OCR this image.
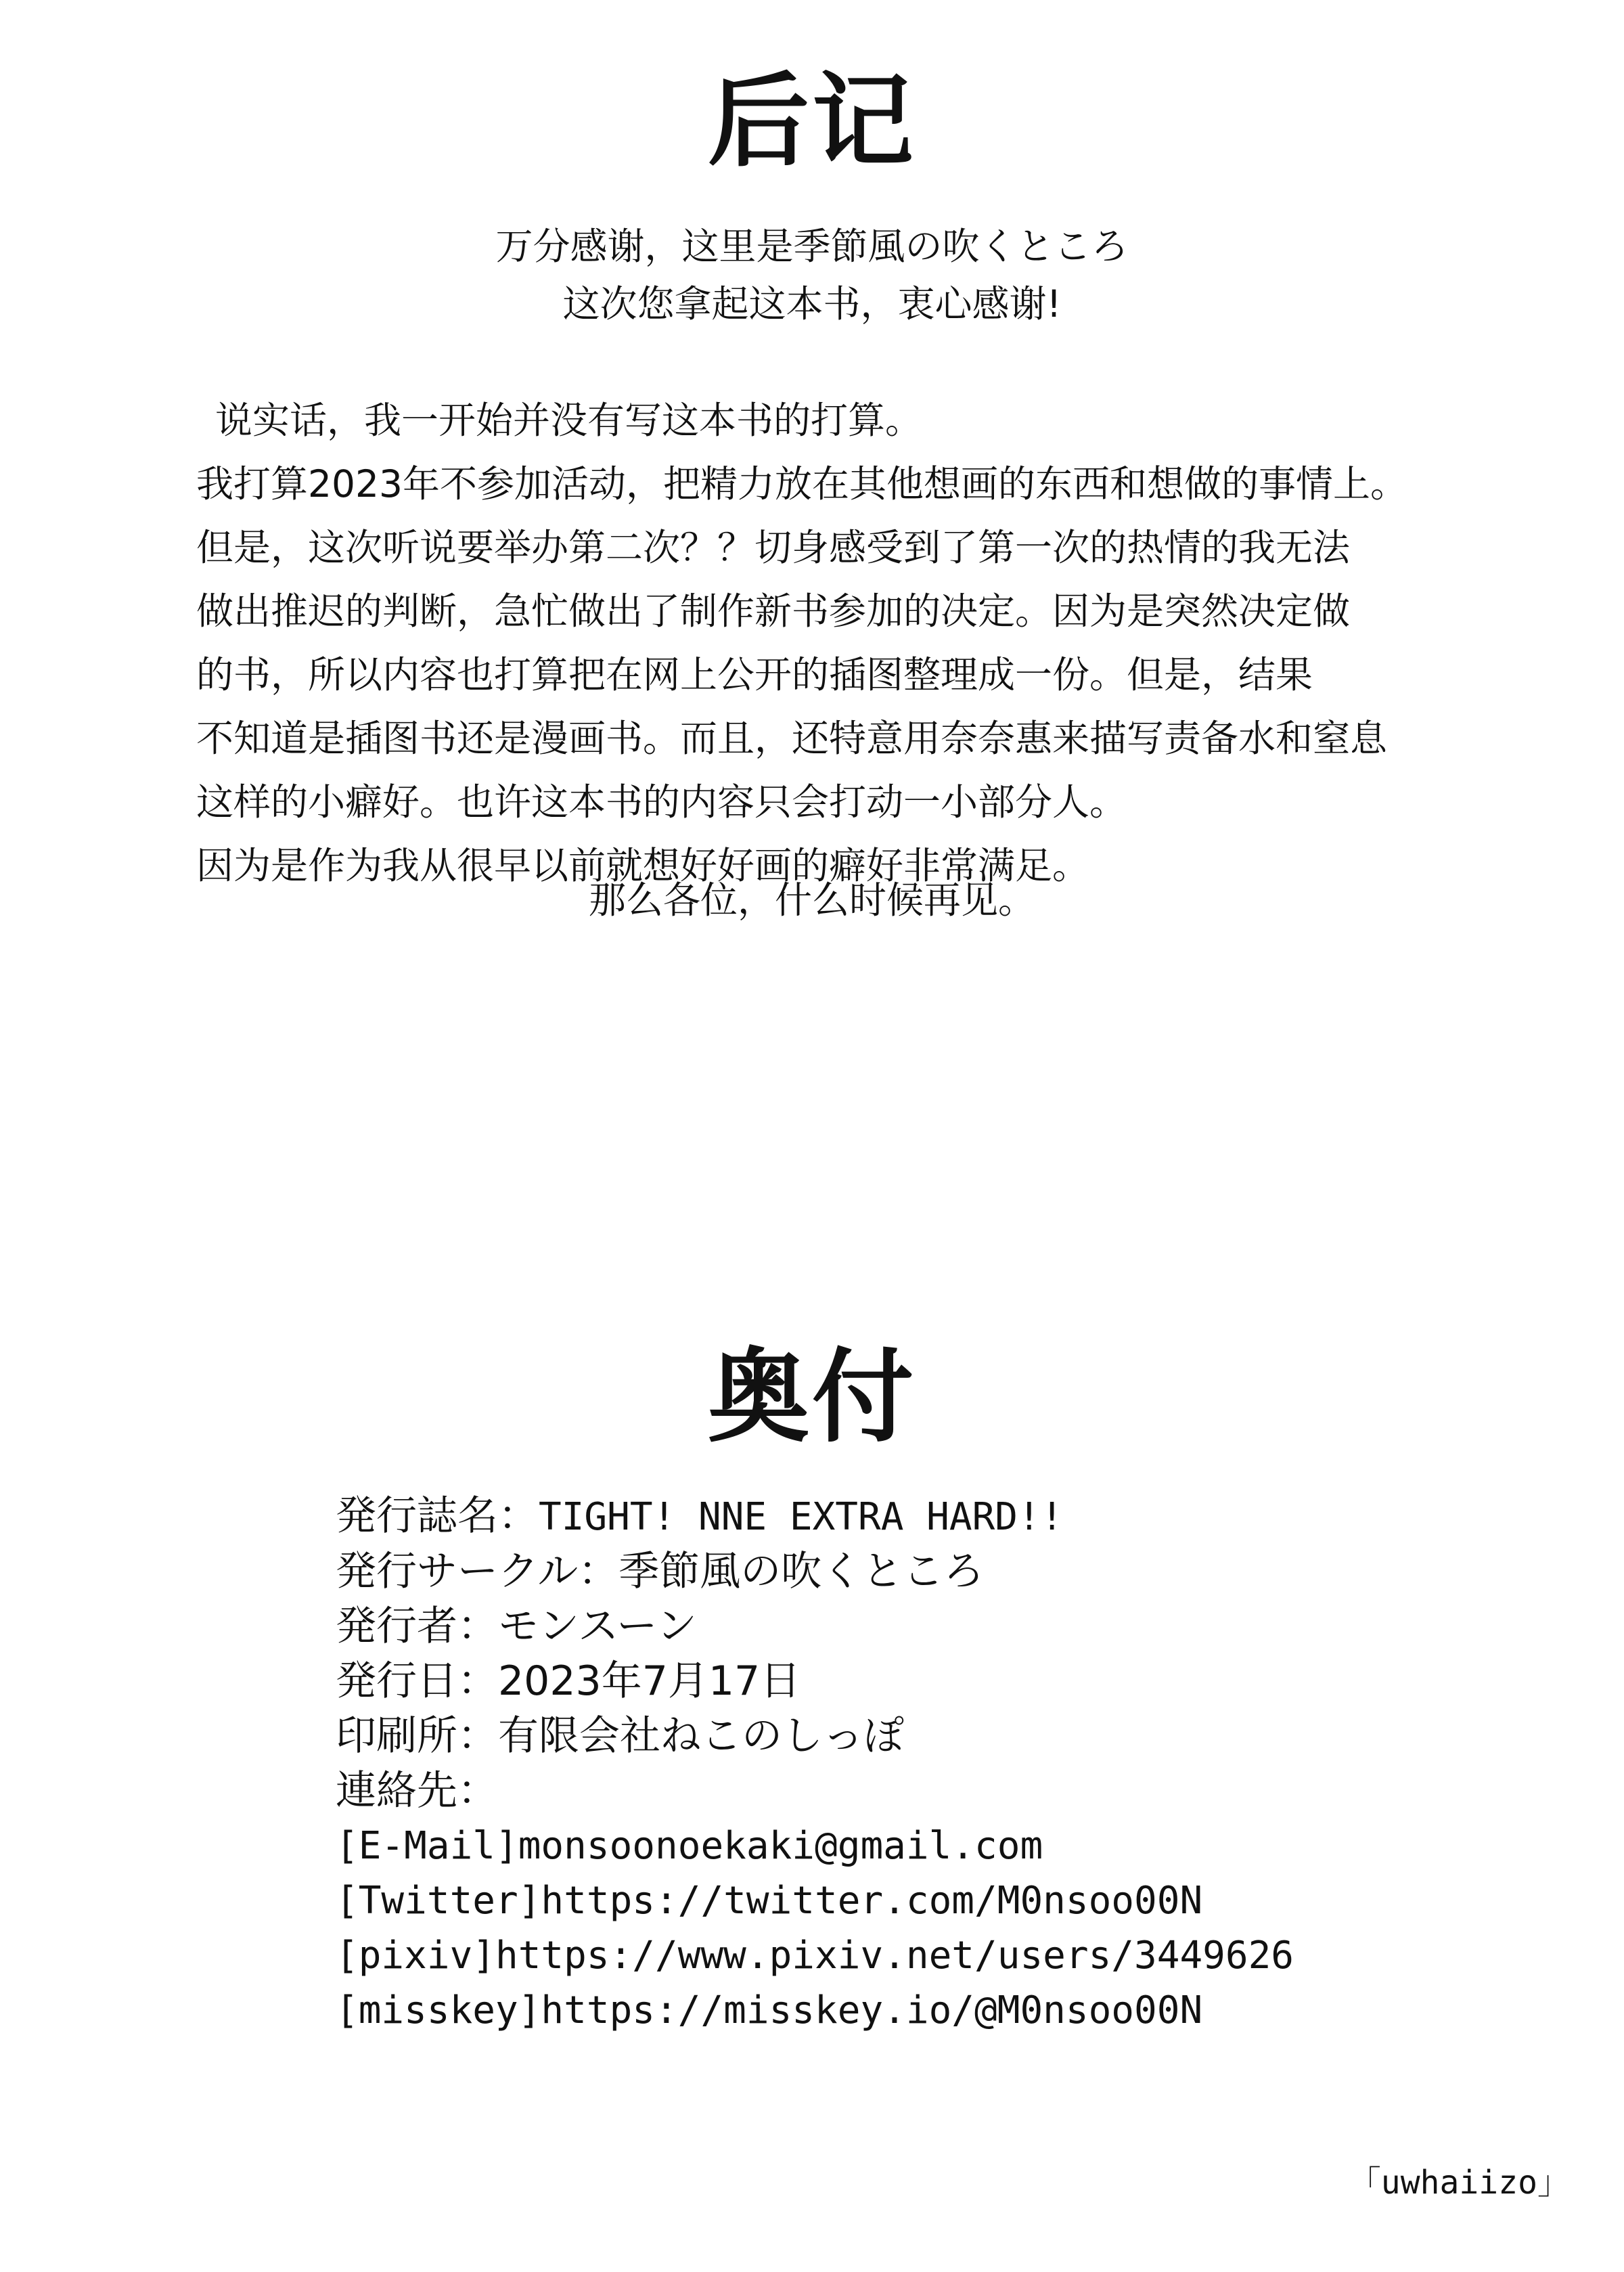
后记
万分感谢，这里是季節風の吹くところ
这次您拿起这本书，衷心感谢!
说实话，我一开始并没有写这本书的打算。
我打算2023年不参加活动，把精力放在其他想画的东西和想做的事情上。
但是，这次听说要举办第二次？？切身感受到了第一次的热情的我无法
做出推迟的判断，急忙做出了制作新书参加的决定。因为是突然决定做
的书，所以内容也打算把在网上公开的插图整理成一份。但是，结果
不知道是插图书还是漫画书。而且，还特意用奈奈惠来描写责备水和窒息
这样的小癖好。也许这本书的内容只会打动一小部分人。
因为是作为我从很早以前就想好好画的癖好非常满足。
那么各位，什么时候再见。
奥付
発行誌名：TIGHT! NNE EXTRA HARD!!
発行サークル：季節風の吹くところ
発行者：モンスーン
発行日：2023年7月17日
印刷所：有限会社ねこのしっぽ
連絡先：
[E-Mail]monsoonoekaki@gmail.com
[Twitter]https://twitter.com/M0nsoo00N
[pixiv]https://www.pixiv.net/users/3449626
[misskey]https://misskey.io/@M0nsoo00N
「uwhaiizo」
